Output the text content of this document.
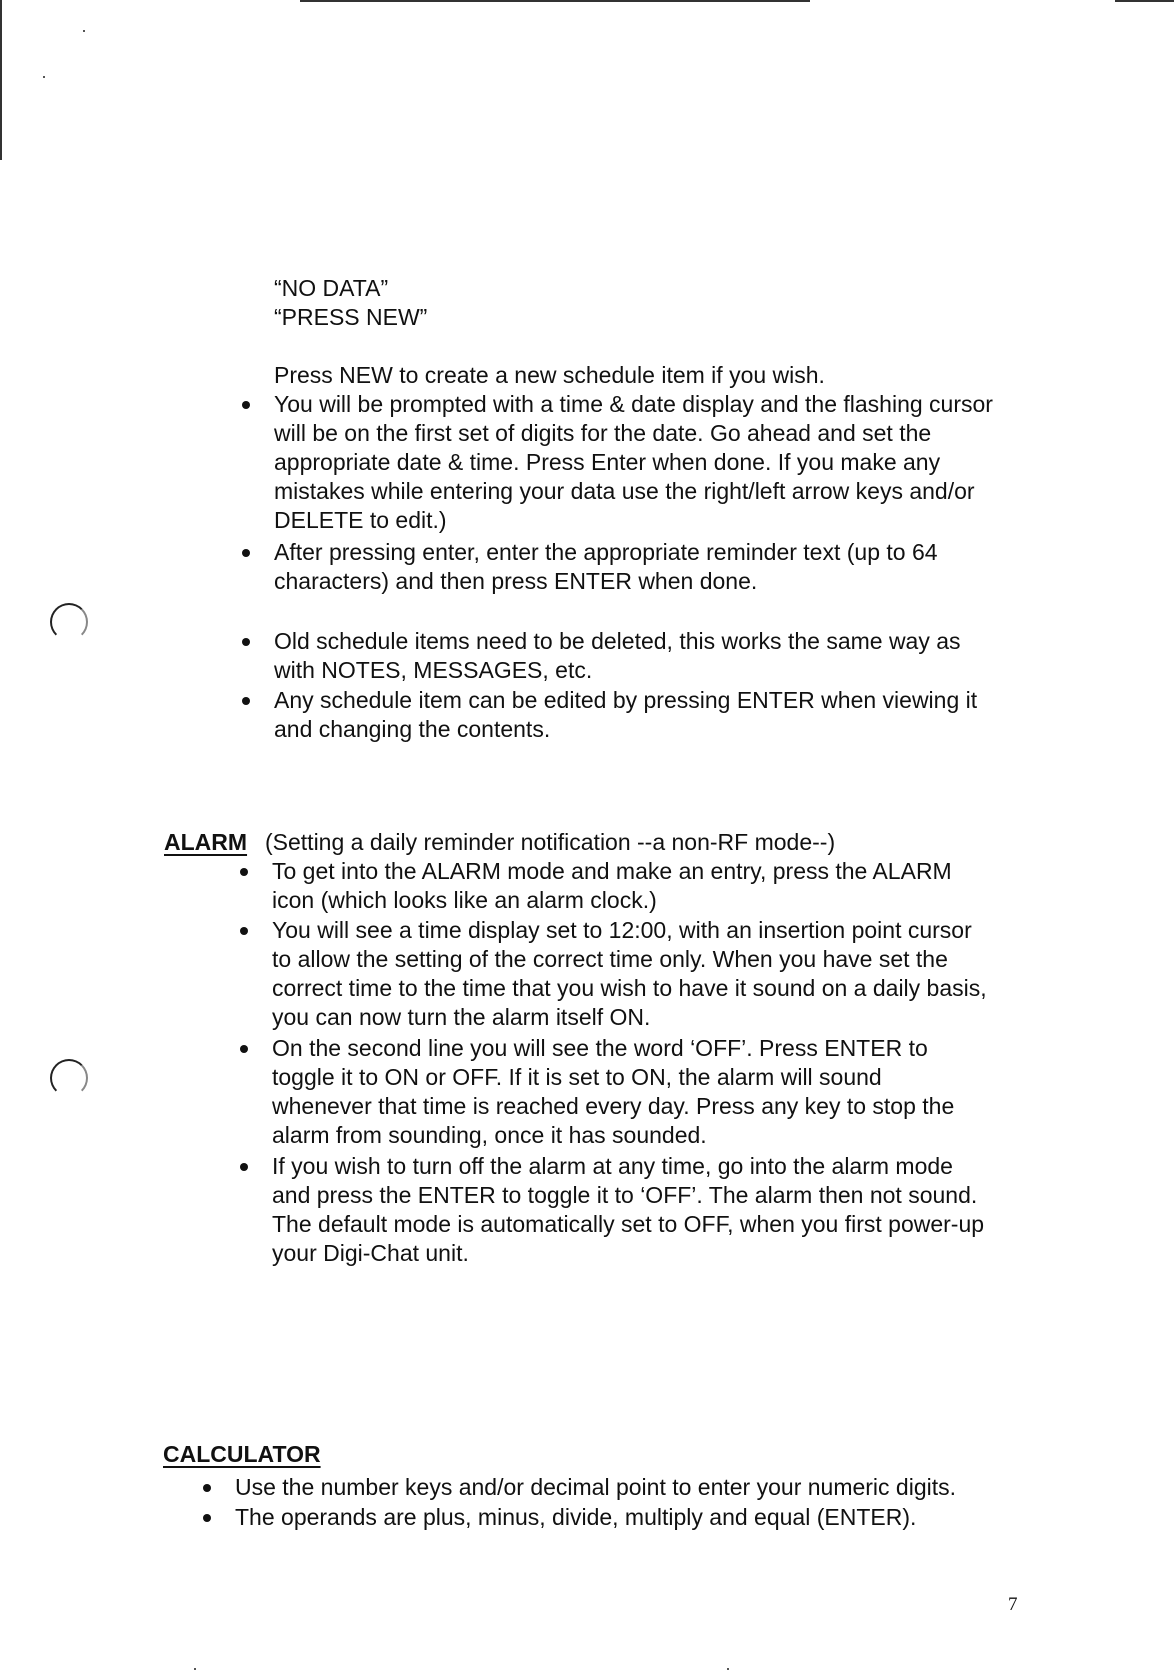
“NO DATA”
“PRESS NEW”
Press NEW to create a new schedule item if you wish.

You will be prompted with a time & date display and the flashing cursor
will be on the first set of digits for the date. Go ahead and set the
appropriate date & time. Press Enter when done. If you make any
mistakes while entering your data use the right/left arrow keys and/or
DELETE to edit.)

After pressing enter, enter the appropriate reminder text (up to 64
characters) and then press ENTER when done.

Old schedule items need to be deleted, this works the same way as
with NOTES, MESSAGES, etc.

Any schedule item can be edited by pressing ENTER when viewing it
and changing the contents.

ALARM (Setting a daily reminder notification --a non-RF mode--)

To get into the ALARM mode and make an entry, press the ALARM
icon (which looks like an alarm clock.)

You will see a time display set to 12:00, with an insertion point cursor
to allow the setting of the correct time only. When you have set the
correct time to the time that you wish to have it sound on a daily basis,
you can now turn the alarm itself ON.

On the second line you will see the word ‘OFF’. Press ENTER to
toggle it to ON or OFF. If it is set to ON, the alarm will sound
whenever that time is reached every day. Press any key to stop the
alarm from sounding, once it has sounded.

If you wish to turn off the alarm at any time, go into the alarm mode
and press the ENTER to toggle it to ‘OFF’. The alarm then not sound.
The default mode is automatically set to OFF, when you first power-up
your Digi-Chat unit.

CALCULATOR

Use the number keys and/or decimal point to enter your numeric digits.

The operands are plus, minus, divide, multiply and equal (ENTER).

7
